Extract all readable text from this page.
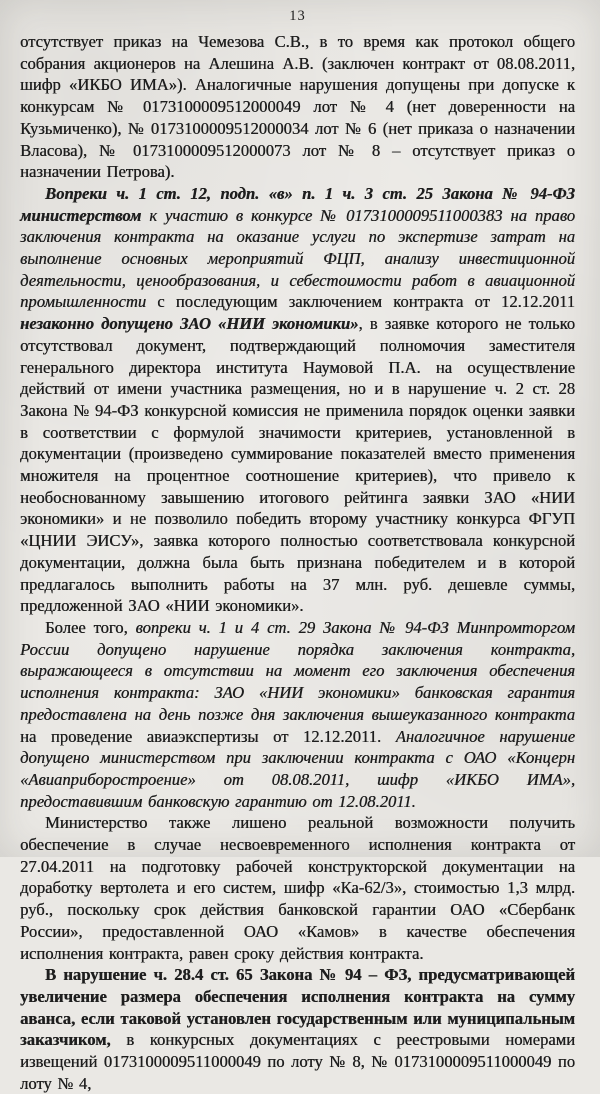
13

отсутствует приказ на Чемезова С.В., в то время как протокол общего собрания акционеров на Алешина А.В. (заключен контракт от 08.08.2011, шифр «ИКБО ИМА»). Аналогичные нарушения допущены при допуске к конкурсам № 0173100009512000049 лот № 4 (нет доверенности на Кузьмиченко), № 0173100009512000034 лот № 6 (нет приказа о назначении Власова), № 0173100009512000073 лот № 8 – отсутствует приказ о назначении Петрова).

Вопреки ч. 1 ст. 12, подп. «в» п. 1 ч. 3 ст. 25 Закона № 94-ФЗ министерством к участию в конкурсе № 0173100009511000383 на право заключения контракта на оказание услуги по экспертизе затрат на выполнение основных мероприятий ФЦП, анализу инвестиционной деятельности, ценообразования, и себестоимости работ в авиационной промышленности с последующим заключением контракта от 12.12.2011 незаконно допущено ЗАО «НИИ экономики», в заявке которого не только отсутствовал документ, подтверждающий полномочия заместителя генерального директора института Наумовой П.А. на осуществление действий от имени участника размещения, но и в нарушение ч. 2 ст. 28 Закона № 94-ФЗ конкурсной комиссия не применила порядок оценки заявки в соответствии с формулой значимости критериев, установленной в документации (произведено суммирование показателей вместо применения множителя на процентное соотношение критериев), что привело к необоснованному завышению итогового рейтинга заявки ЗАО «НИИ экономики» и не позволило победить второму участнику конкурса ФГУП «ЦНИИ ЭИСУ», заявка которого полностью соответствовала конкурсной документации, должна была быть признана победителем и в которой предлагалось выполнить работы на 37 млн. руб. дешевле суммы, предложенной ЗАО «НИИ экономики».

Более того, вопреки ч. 1 и 4 ст. 29 Закона № 94-ФЗ Минпромторгом России допущено нарушение порядка заключения контракта, выражающееся в отсутствии на момент его заключения обеспечения исполнения контракта: ЗАО «НИИ экономики» банковская гарантия предоставлена на день позже дня заключения вышеуказанного контракта на проведение авиаэкспертизы от 12.12.2011. Аналогичное нарушение допущено министерством при заключении контракта с ОАО «Концерн «Авиаприборостроение» от 08.08.2011, шифр «ИКБО ИМА», предоставившим банковскую гарантию от 12.08.2011.

Министерство также лишено реальной возможности получить обеспечение в случае несвоевременного исполнения контракта от 27.04.2011 на подготовку рабочей конструкторской документации на доработку вертолета и его систем, шифр «Ка-62/3», стоимостью 1,3 млрд. руб., поскольку срок действия банковской гарантии ОАО «Сбербанк России», предоставленной ОАО «Камов» в качестве обеспечения исполнения контракта, равен сроку действия контракта.

В нарушение ч. 28.4 ст. 65 Закона № 94 – ФЗ, предусматривающей увеличение размера обеспечения исполнения контракта на сумму аванса, если таковой установлен государственным или муниципальным заказчиком, в конкурсных документациях с реестровыми номерами извещений 0173100009511000049 по лоту № 8, № 0173100009511000049 по лоту № 4,
